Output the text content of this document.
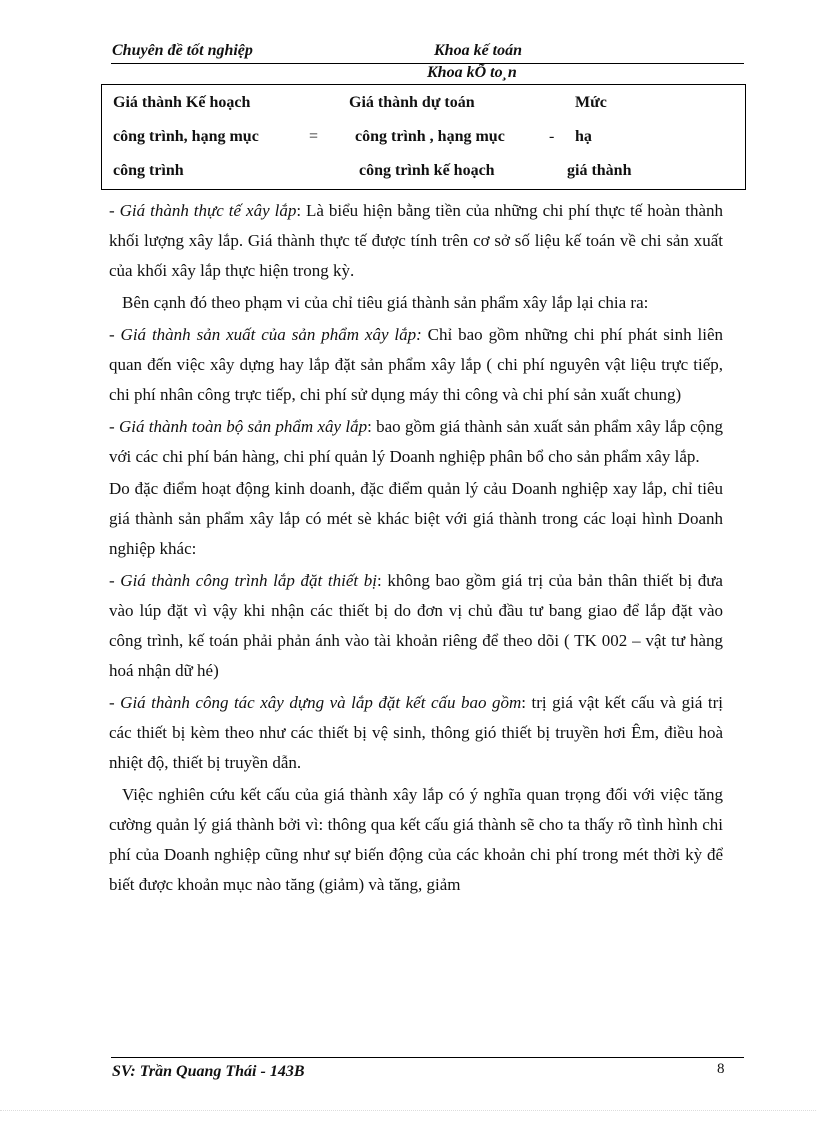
Chuyên đề tốt nghiệp	Khoa kế toán
Khoa kÕ to¸n
Giá thành Kế hoạch	Giá thành dự toán	Mức
công trình, hạng mục	= công trình , hạng mục	- hạ
công trình	công trình kế hoạch	giá thành

- Giá thành thực tế xây lắp: Là biểu hiện bằng tiền của những chi phí thực tế hoàn thành khối lượng xây lắp. Giá thành thực tế được tính trên cơ sở số liệu kế toán về chi sản xuất của khối xây lắp thực hiện trong kỳ.

Bên cạnh đó theo phạm vi của chỉ tiêu giá thành sản phẩm xây lắp lại chia ra:

- Giá thành sản xuất của sản phẩm xây lắp: Chỉ bao gồm những chi phí phát sinh liên quan đến việc xây dựng hay lắp đặt sản phẩm xây lắp ( chi phí nguyên vật liệu trực tiếp, chi phí nhân công trực tiếp, chi phí sử dụng máy thi công và chi phí sản xuất chung)

- Giá thành toàn bộ sản phẩm xây lắp: bao gồm giá thành sản xuất sản phẩm xây lắp cộng với các chi phí bán hàng, chi phí quản lý Doanh nghiệp phân bổ cho sản phẩm xây lắp.

Do đặc điểm hoạt động kinh doanh, đặc điểm quản lý cảu Doanh nghiệp xay lắp, chỉ tiêu giá thành sản phẩm xây lắp có mét sè khác biệt với giá thành trong các loại hình Doanh nghiệp khác:

- Giá thành công trình lắp đặt thiết bị: không bao gồm giá trị của bản thân thiết bị đưa vào lúp đặt vì vậy khi nhận các thiết bị do đơn vị chủ đầu tư bang giao để lắp đặt vào công trình, kế toán phải phản ánh vào tài khoản riêng để theo dõi ( TK 002 – vật tư hàng hoá nhận dữ hé)

- Giá thành công tác xây dựng và lắp đặt kết cấu bao gồm: trị giá vật kết cấu và giá trị các thiết bị kèm theo như các thiết bị vệ sinh, thông gió thiết bị truyền hơi Êm, điều hoà nhiệt độ, thiết bị truyền dẫn.

Việc nghiên cứu kết cấu của giá thành xây lắp có ý nghĩa quan trọng đối với việc tăng cường quản lý giá thành bởi vì: thông qua kết cấu giá thành sẽ cho ta thấy rõ tình hình chi phí của Doanh nghiệp cũng như sự biến động của các khoản chi phí trong mét thời kỳ để biết được khoản mục nào tăng (giảm) và tăng, giảm

SV: Trần Quang Thái - 143B	8
